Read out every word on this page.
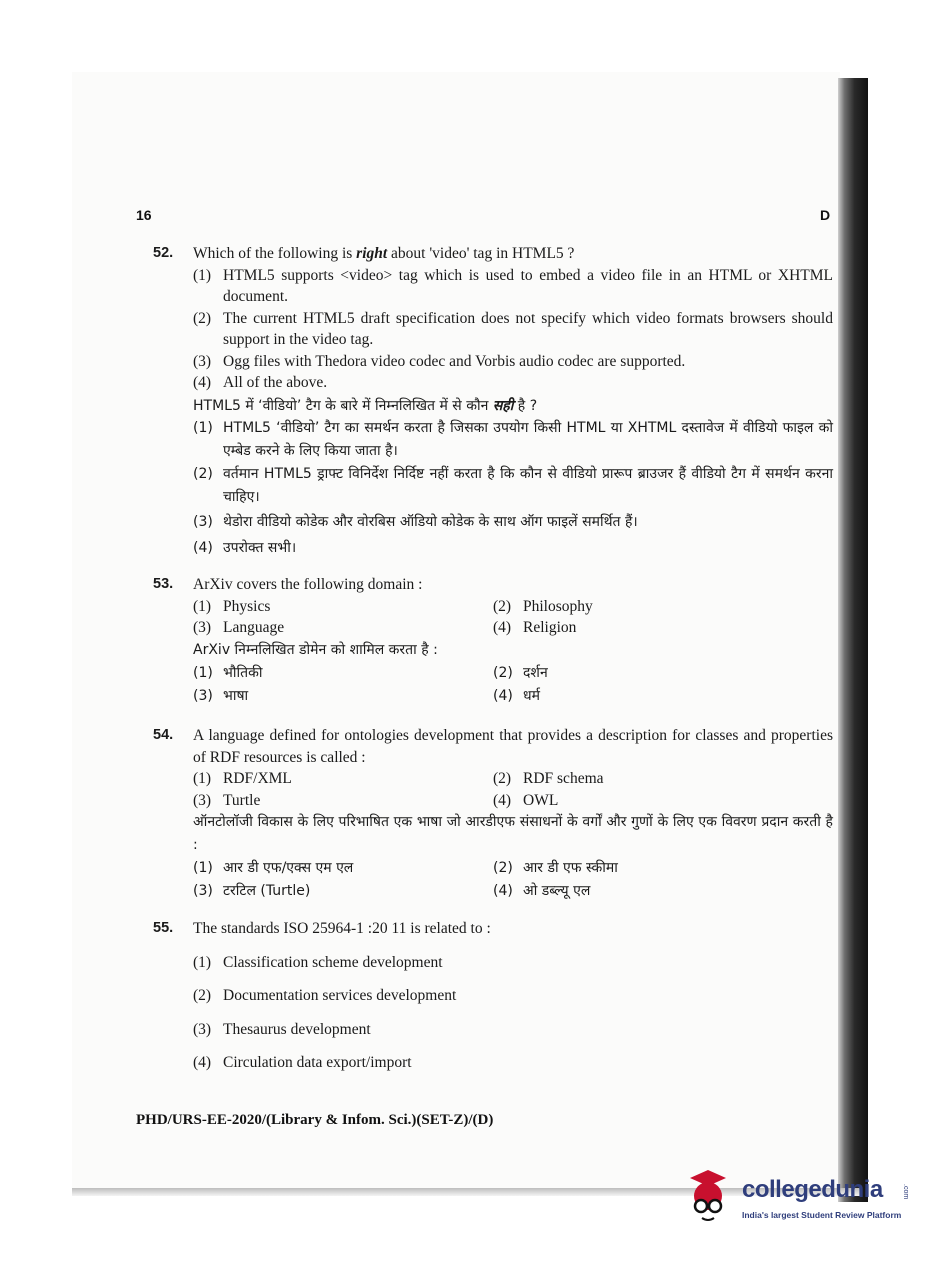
16	D
52. Which of the following is right about 'video' tag in HTML5 ?
(1) HTML5 supports <video> tag which is used to embed a video file in an HTML or XHTML document.
(2) The current HTML5 draft specification does not specify which video formats browsers should support in the video tag.
(3) Ogg files with Thedora video codec and Vorbis audio codec are supported.
(4) All of the above.
HTML5 में ‘वीडियो’ टैग के बारे में निम्नलिखित में से कौन सही है ?
(1) HTML5 ‘वीडियो’ टैग का समर्थन करता है जिसका उपयोग किसी HTML या XHTML दस्तावेज में वीडियो फाइल को एम्बेड करने के लिए किया जाता है।
(2) वर्तमान HTML5 ड्राफ्ट विनिर्देश निर्दिष्ट नहीं करता है कि कौन से वीडियो प्रारूप ब्राउजर हैं वीडियो टैग में समर्थन करना चाहिए।
(3) थेडोरा वीडियो कोडेक और वोरबिस ऑडियो कोडेक के साथ ऑग फाइलें समर्थित हैं।
(4) उपरोक्त सभी।
53. ArXiv covers the following domain :
(1) Physics	(2) Philosophy
(3) Language	(4) Religion
ArXiv निम्नलिखित डोमेन को शामिल करता है :
(1) भौतिकी	(2) दर्शन
(3) भाषा	(4) धर्म
54. A language defined for ontologies development that provides a description for classes and properties of RDF resources is called :
(1) RDF/XML	(2) RDF schema
(3) Turtle	(4) OWL
ऑनटोलॉजी विकास के लिए परिभाषित एक भाषा जो आरडीएफ संसाधनों के वर्गों और गुणों के लिए एक विवरण प्रदान करती है :
(1) आर डी एफ/एक्स एम एल	(2) आर डी एफ स्कीमा
(3) टरटिल (Turtle)	(4) ओ डब्ल्यू एल
55. The standards ISO 25964-1 :20 11 is related to :
(1) Classification scheme development
(2) Documentation services development
(3) Thesaurus development
(4) Circulation data export/import
PHD/URS-EE-2020/(Library & Infom. Sci.)(SET-Z)/(D)
collegedunia	.com
India's largest Student Review Platform
